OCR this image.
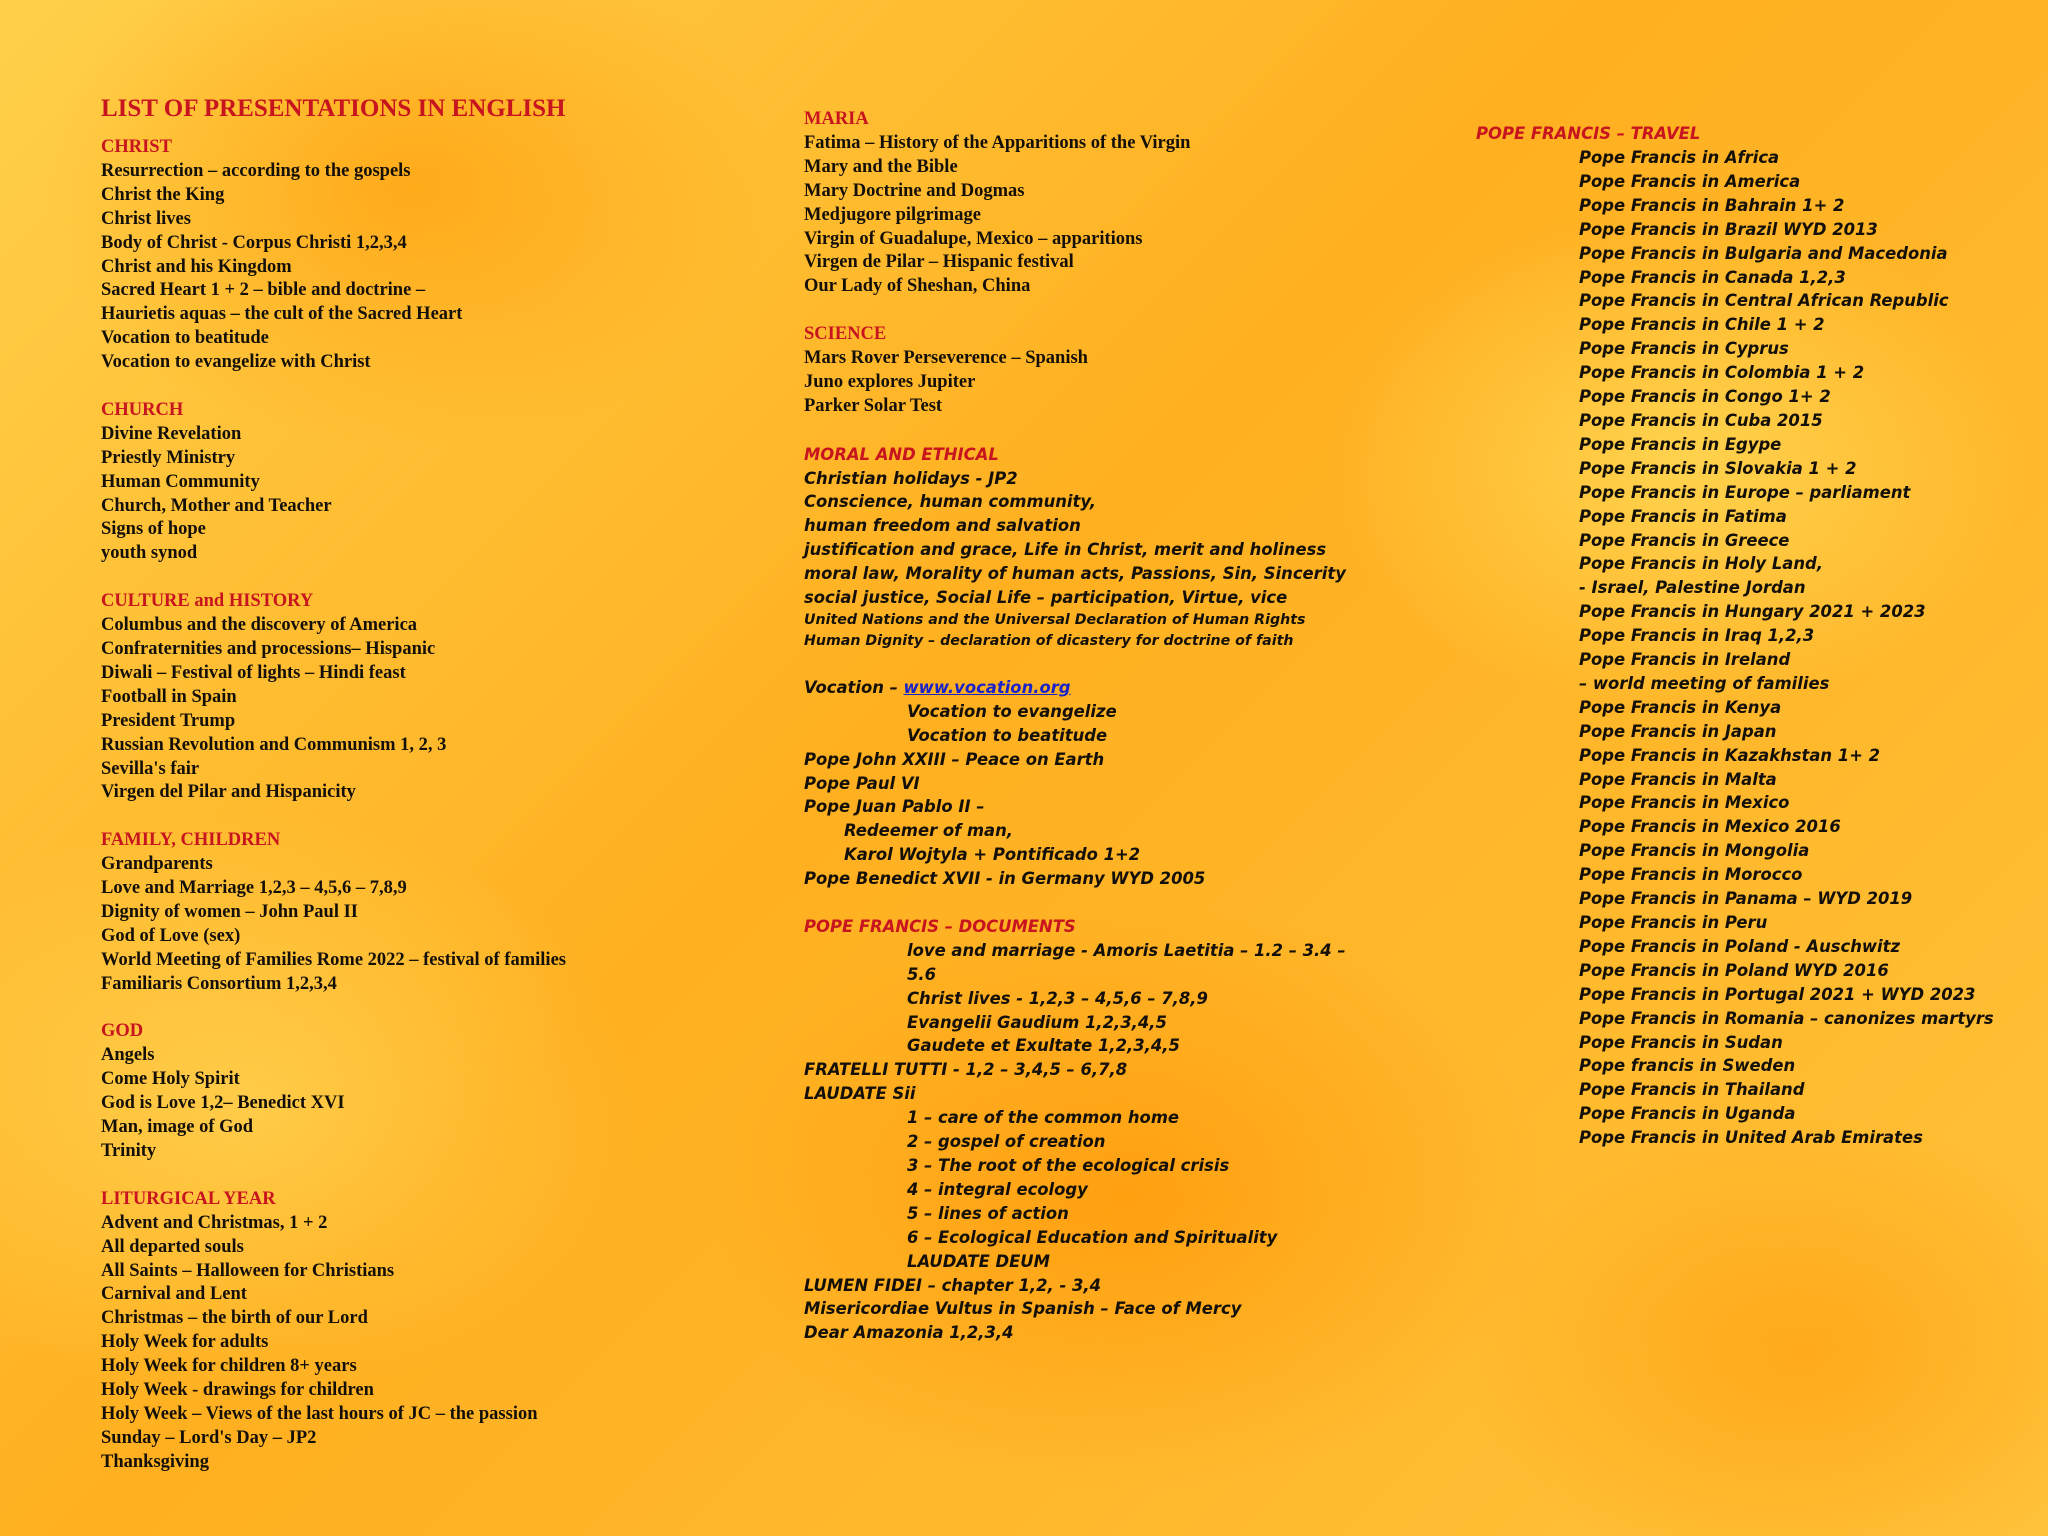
LIST OF PRESENTATIONS IN ENGLISH
CHRIST
Resurrection – according to the gospels
Christ the King
Christ lives
Body of Christ - Corpus Christi 1,2,3,4
Christ and his Kingdom
Sacred Heart 1 + 2 – bible and doctrine –
Haurietis aquas – the cult of the Sacred Heart
Vocation to beatitude
Vocation to evangelize with Christ
CHURCH
Divine Revelation
Priestly Ministry
Human Community
Church, Mother and Teacher
Signs of hope
youth synod
CULTURE and HISTORY
Columbus and the discovery of America
Confraternities and processions– Hispanic
Diwali – Festival of lights – Hindi feast
Football in Spain
President Trump
Russian Revolution and Communism 1, 2, 3
Sevilla's fair
Virgen del Pilar and Hispanicity
FAMILY, CHILDREN
Grandparents
Love and Marriage 1,2,3 – 4,5,6 – 7,8,9
Dignity of women – John Paul II
God of Love (sex)
World Meeting of Families Rome 2022 – festival of families
Familiaris Consortium 1,2,3,4
GOD
Angels
Come Holy Spirit
God is Love 1,2– Benedict XVI
Man, image of God
Trinity
LITURGICAL YEAR
Advent and Christmas, 1 + 2
All departed souls
All Saints – Halloween for Christians
Carnival and Lent
Christmas – the birth of our Lord
Holy Week for adults
Holy Week for children 8+ years
Holy Week - drawings for children
Holy Week – Views of the last hours of JC – the passion
Sunday – Lord's Day – JP2
Thanksgiving
MARIA
Fatima – History of the Apparitions of the Virgin
Mary and the Bible
Mary Doctrine and Dogmas
Medjugore pilgrimage
Virgin of Guadalupe, Mexico – apparitions
Virgen de Pilar – Hispanic festival
Our Lady of Sheshan, China
SCIENCE
Mars Rover Perseverence – Spanish
Juno explores Jupiter
Parker Solar Test
MORAL AND ETHICAL
Christian holidays - JP2
Conscience, human community,
human freedom and salvation
justification and grace, Life in Christ, merit and holiness
moral law, Morality of human acts, Passions, Sin, Sincerity
social justice, Social Life – participation, Virtue, vice
United Nations and the Universal Declaration of Human Rights
Human Dignity – declaration of dicastery for doctrine of faith
Vocation – www.vocation.org
Vocation to evangelize
Vocation to beatitude
Pope John XXIII – Peace on Earth
Pope Paul VI
Pope Juan Pablo II –
Redeemer of man,
Karol Wojtyla + Pontificado 1+2
Pope Benedict XVII - in Germany WYD 2005
POPE FRANCIS – DOCUMENTS
love and marriage - Amoris Laetitia – 1.2 – 3.4 –
5.6
Christ lives - 1,2,3 – 4,5,6 – 7,8,9
Evangelii Gaudium 1,2,3,4,5
Gaudete et Exultate 1,2,3,4,5
FRATELLI TUTTI - 1,2 – 3,4,5 – 6,7,8
LAUDATE Sii
1 – care of the common home
2 – gospel of creation
3 – The root of the ecological crisis
4 – integral ecology
5 – lines of action
6 – Ecological Education and Spirituality
LAUDATE DEUM
LUMEN FIDEI – chapter 1,2, - 3,4
Misericordiae Vultus in Spanish – Face of Mercy
Dear Amazonia 1,2,3,4
POPE FRANCIS – TRAVEL
Pope Francis in Africa
Pope Francis in America
Pope Francis in Bahrain 1+ 2
Pope Francis in Brazil WYD 2013
Pope Francis in Bulgaria and Macedonia
Pope Francis in Canada 1,2,3
Pope Francis in Central African Republic
Pope Francis in Chile 1 + 2
Pope Francis in Cyprus
Pope Francis in Colombia 1 + 2
Pope Francis in Congo 1+ 2
Pope Francis in Cuba 2015
Pope Francis in Egype
Pope Francis in Slovakia 1 + 2
Pope Francis in Europe – parliament
Pope Francis in Fatima
Pope Francis in Greece
Pope Francis in Holy Land,
- Israel, Palestine Jordan
Pope Francis in Hungary 2021 + 2023
Pope Francis in Iraq 1,2,3
Pope Francis in Ireland
– world meeting of families
Pope Francis in Kenya
Pope Francis in Japan
Pope Francis in Kazakhstan 1+ 2
Pope Francis in Malta
Pope Francis in Mexico
Pope Francis in Mexico 2016
Pope Francis in Mongolia
Pope Francis in Morocco
Pope Francis in Panama – WYD 2019
Pope Francis in Peru
Pope Francis in Poland - Auschwitz
Pope Francis in Poland WYD 2016
Pope Francis in Portugal 2021 + WYD 2023
Pope Francis in Romania – canonizes martyrs
Pope Francis in Sudan
Pope francis in Sweden
Pope Francis in Thailand
Pope Francis in Uganda
Pope Francis in United Arab Emirates
